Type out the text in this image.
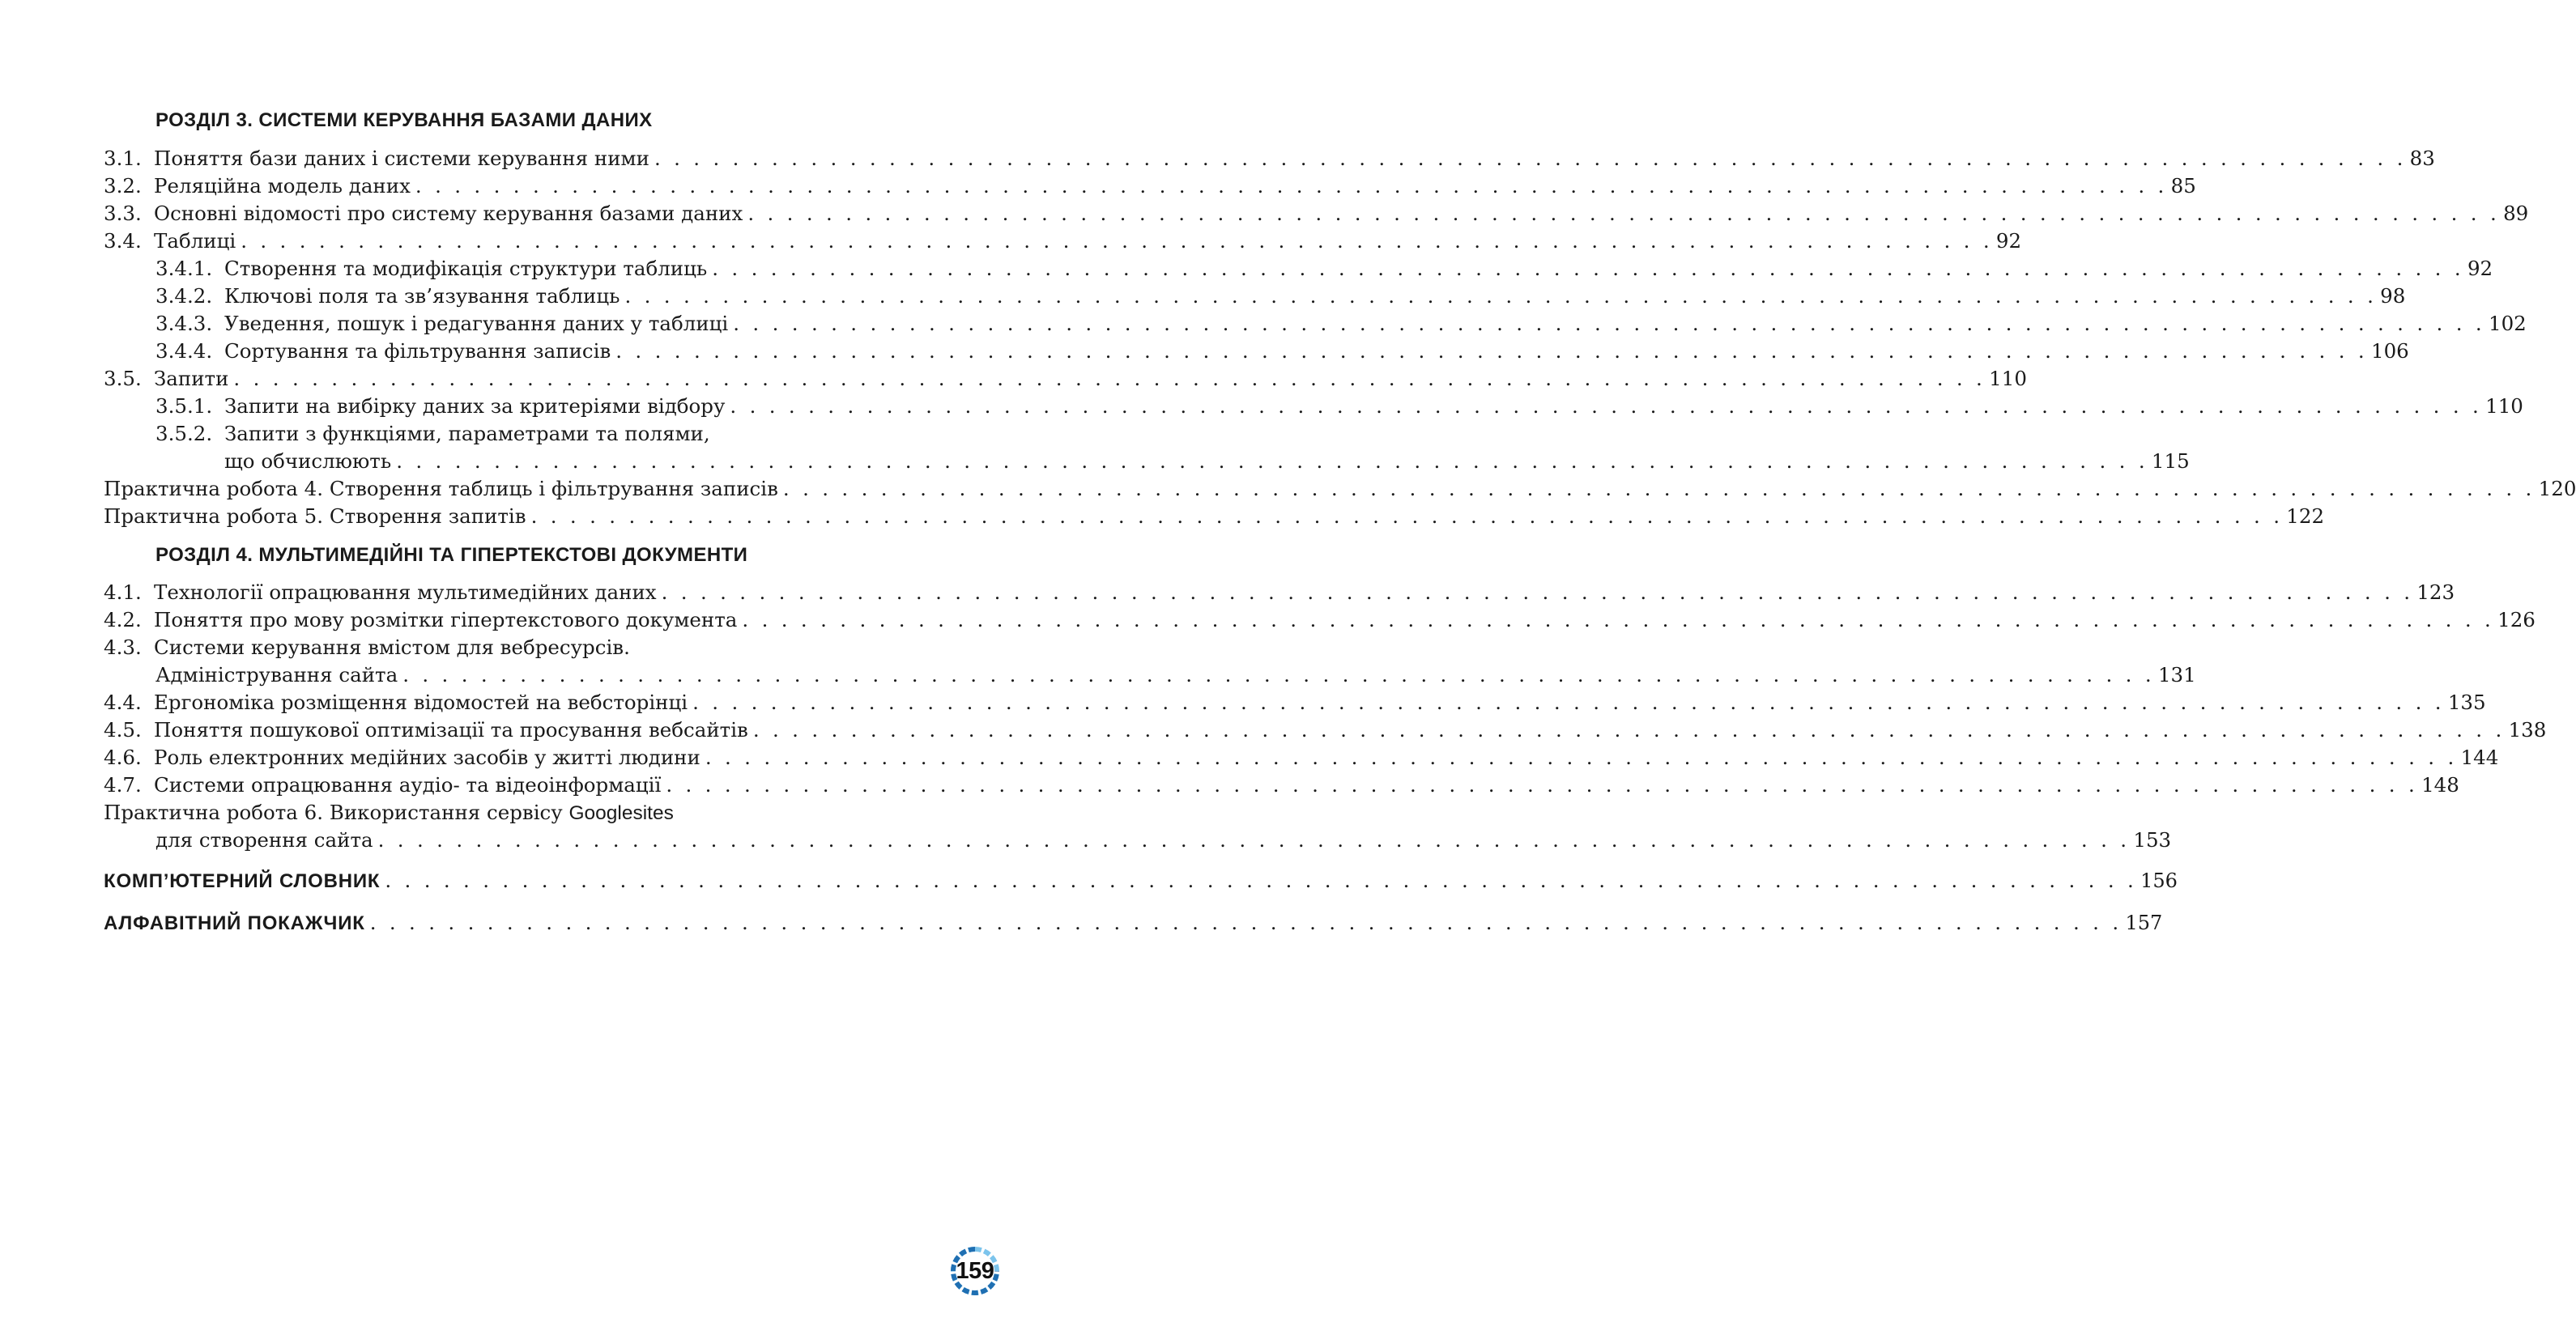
РОЗДІЛ 3. СИСТЕМИ КЕРУВАННЯ БАЗАМИ ДАНИХ
3.1. Поняття бази даних і системи керування ними . . . . . . . . . . . . . . . . . . . . . . . . . . . . . . . . . . . . . . . . . . . . . . . . . . . . . . . . . . . . . . . . . . . . . . . . . . . . . . . . . . . . . . . . . . 83
3.2. Реляційна модель даних . . . . . . . . . . . . . . . . . . . . . . . . . . . . . . . . . . . . . . . . . . . . . . . . . . . . . . . . . . . . . . . . . . . . . . . . . . . . . . . . . . . . . . . . . . 85
3.3. Основні відомості про систему керування базами даних . . . . . . . . . . . . . . . . . . . . . . . . . . . . . . . . . . . . . . . . . . . . . . . . . . . . . . . . . . . . . . . . . . . . . . . . . . . . . . . . . . . . . . . . . . 89
3.4. Таблиці . . . . . . . . . . . . . . . . . . . . . . . . . . . . . . . . . . . . . . . . . . . . . . . . . . . . . . . . . . . . . . . . . . . . . . . . . . . . . . . . . . . . . . . . . . 92
3.4.1. Створення та модифікація структури таблиць . . . . . . . . . . . . . . . . . . . . . . . . . . . . . . . . . . . . . . . . . . . . . . . . . . . . . . . . . . . . . . . . . . . . . . . . . . . . . . . . . . . . . . . . . . 92
3.4.2. Ключові поля та зв’язування таблиць . . . . . . . . . . . . . . . . . . . . . . . . . . . . . . . . . . . . . . . . . . . . . . . . . . . . . . . . . . . . . . . . . . . . . . . . . . . . . . . . . . . . . . . . . . 98
3.4.3. Уведення, пошук і редагування даних у таблиці . . . . . . . . . . . . . . . . . . . . . . . . . . . . . . . . . . . . . . . . . . . . . . . . . . . . . . . . . . . . . . . . . . . . . . . . . . . . . . . . . . . . . . . . . . 102
3.4.4. Сортування та фільтрування записів . . . . . . . . . . . . . . . . . . . . . . . . . . . . . . . . . . . . . . . . . . . . . . . . . . . . . . . . . . . . . . . . . . . . . . . . . . . . . . . . . . . . . . . . . . 106
3.5. Запити . . . . . . . . . . . . . . . . . . . . . . . . . . . . . . . . . . . . . . . . . . . . . . . . . . . . . . . . . . . . . . . . . . . . . . . . . . . . . . . . . . . . . . . . . . 110
3.5.1. Запити на вибірку даних за критеріями відбору . . . . . . . . . . . . . . . . . . . . . . . . . . . . . . . . . . . . . . . . . . . . . . . . . . . . . . . . . . . . . . . . . . . . . . . . . . . . . . . . . . . . . . . . . . 110
3.5.2. Запити з функціями, параметрами та полями,
що обчислюють . . . . . . . . . . . . . . . . . . . . . . . . . . . . . . . . . . . . . . . . . . . . . . . . . . . . . . . . . . . . . . . . . . . . . . . . . . . . . . . . . . . . . . . . . . 115
Практична робота 4. Створення таблиць і фільтрування записів . . . . . . . . . . . . . . . . . . . . . . . . . . . . . . . . . . . . . . . . . . . . . . . . . . . . . . . . . . . . . . . . . . . . . . . . . . . . . . . . . . . . . . . . . . 120
Практична робота 5. Створення запитів . . . . . . . . . . . . . . . . . . . . . . . . . . . . . . . . . . . . . . . . . . . . . . . . . . . . . . . . . . . . . . . . . . . . . . . . . . . . . . . . . . . . . . . . . . 122
РОЗДІЛ 4. МУЛЬТИМЕДІЙНІ ТА ГІПЕРТЕКСТОВІ ДОКУМЕНТИ
4.1. Технології опрацювання мультимедійних даних . . . . . . . . . . . . . . . . . . . . . . . . . . . . . . . . . . . . . . . . . . . . . . . . . . . . . . . . . . . . . . . . . . . . . . . . . . . . . . . . . . . . . . . . . . 123
4.2. Поняття про мову розмітки гіпертекстового документа . . . . . . . . . . . . . . . . . . . . . . . . . . . . . . . . . . . . . . . . . . . . . . . . . . . . . . . . . . . . . . . . . . . . . . . . . . . . . . . . . . . . . . . . . . 126
4.3. Системи керування вмістом для вебресурсів.
Адміністрування сайта . . . . . . . . . . . . . . . . . . . . . . . . . . . . . . . . . . . . . . . . . . . . . . . . . . . . . . . . . . . . . . . . . . . . . . . . . . . . . . . . . . . . . . . . . . 131
4.4. Ергономіка розміщення відомостей на вебсторінці . . . . . . . . . . . . . . . . . . . . . . . . . . . . . . . . . . . . . . . . . . . . . . . . . . . . . . . . . . . . . . . . . . . . . . . . . . . . . . . . . . . . . . . . . . 135
4.5. Поняття пошукової оптимізації та просування вебсайтів . . . . . . . . . . . . . . . . . . . . . . . . . . . . . . . . . . . . . . . . . . . . . . . . . . . . . . . . . . . . . . . . . . . . . . . . . . . . . . . . . . . . . . . . . . 138
4.6. Роль електронних медійних засобів у житті людини . . . . . . . . . . . . . . . . . . . . . . . . . . . . . . . . . . . . . . . . . . . . . . . . . . . . . . . . . . . . . . . . . . . . . . . . . . . . . . . . . . . . . . . . . . 144
4.7. Системи опрацювання аудіо- та відеоінформації . . . . . . . . . . . . . . . . . . . . . . . . . . . . . . . . . . . . . . . . . . . . . . . . . . . . . . . . . . . . . . . . . . . . . . . . . . . . . . . . . . . . . . . . . . 148
Практична робота 6. Використання сервісу Googlesites
для створення сайта . . . . . . . . . . . . . . . . . . . . . . . . . . . . . . . . . . . . . . . . . . . . . . . . . . . . . . . . . . . . . . . . . . . . . . . . . . . . . . . . . . . . . . . . . . 153
КОМП’ЮТЕРНИЙ СЛОВНИК . . . . . . . . . . . . . . . . . . . . . . . . . . . . . . . . . . . . . . . . . . . . . . . . . . . . . . . . . . . . . . . . . . . . . . . . . . . . . . . . . . . . . . . . . . 156
АЛФАВІТНИЙ ПОКАЖЧИК . . . . . . . . . . . . . . . . . . . . . . . . . . . . . . . . . . . . . . . . . . . . . . . . . . . . . . . . . . . . . . . . . . . . . . . . . . . . . . . . . . . . . . . . . . 157
159
